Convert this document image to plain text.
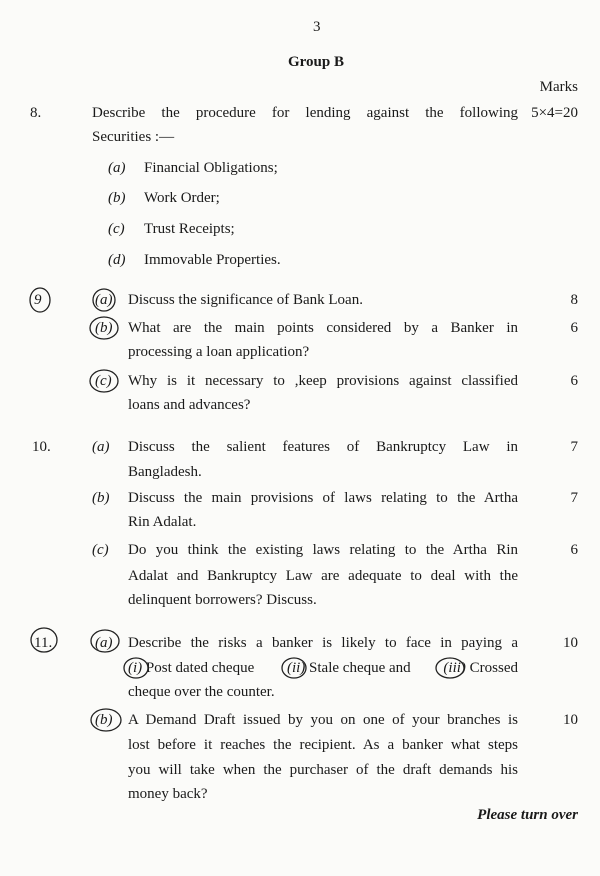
3
Group B
Marks
8.	Describe the procedure for lending against the following 5×4=20
Securities :—
(a) Financial Obligations;
(b) Work Order;
(c) Trust Receipts;
(d) Immovable Properties.
9	(a) Discuss the significance of Bank Loan.	8
(b) What are the main points considered by a Banker in	6
processing a loan application?
(c) Why is it necessary to ,keep provisions against classified	6
loans and advances?
10.	(a) Discuss the salient features of Bankruptcy Law in	7
Bangladesh.
(b) Discuss the main provisions of laws relating to the Artha	7
Rin Adalat.
(c) Do you think the existing laws relating to the Artha Rin	6
Adalat and Bankruptcy Law are adequate to deal with the
delinquent borrowers? Discuss.
11.	(a) Describe the risks a banker is likely to face in paying a	10
(i) Post dated cheque (ii) Stale cheque and (iii) Crossed
cheque over the counter.
(b) A Demand Draft issued by you on one of your branches is	10
lost before it reaches the recipient. As a banker what steps
you will take when the purchaser of the draft demands his
money back?
Please turn over
